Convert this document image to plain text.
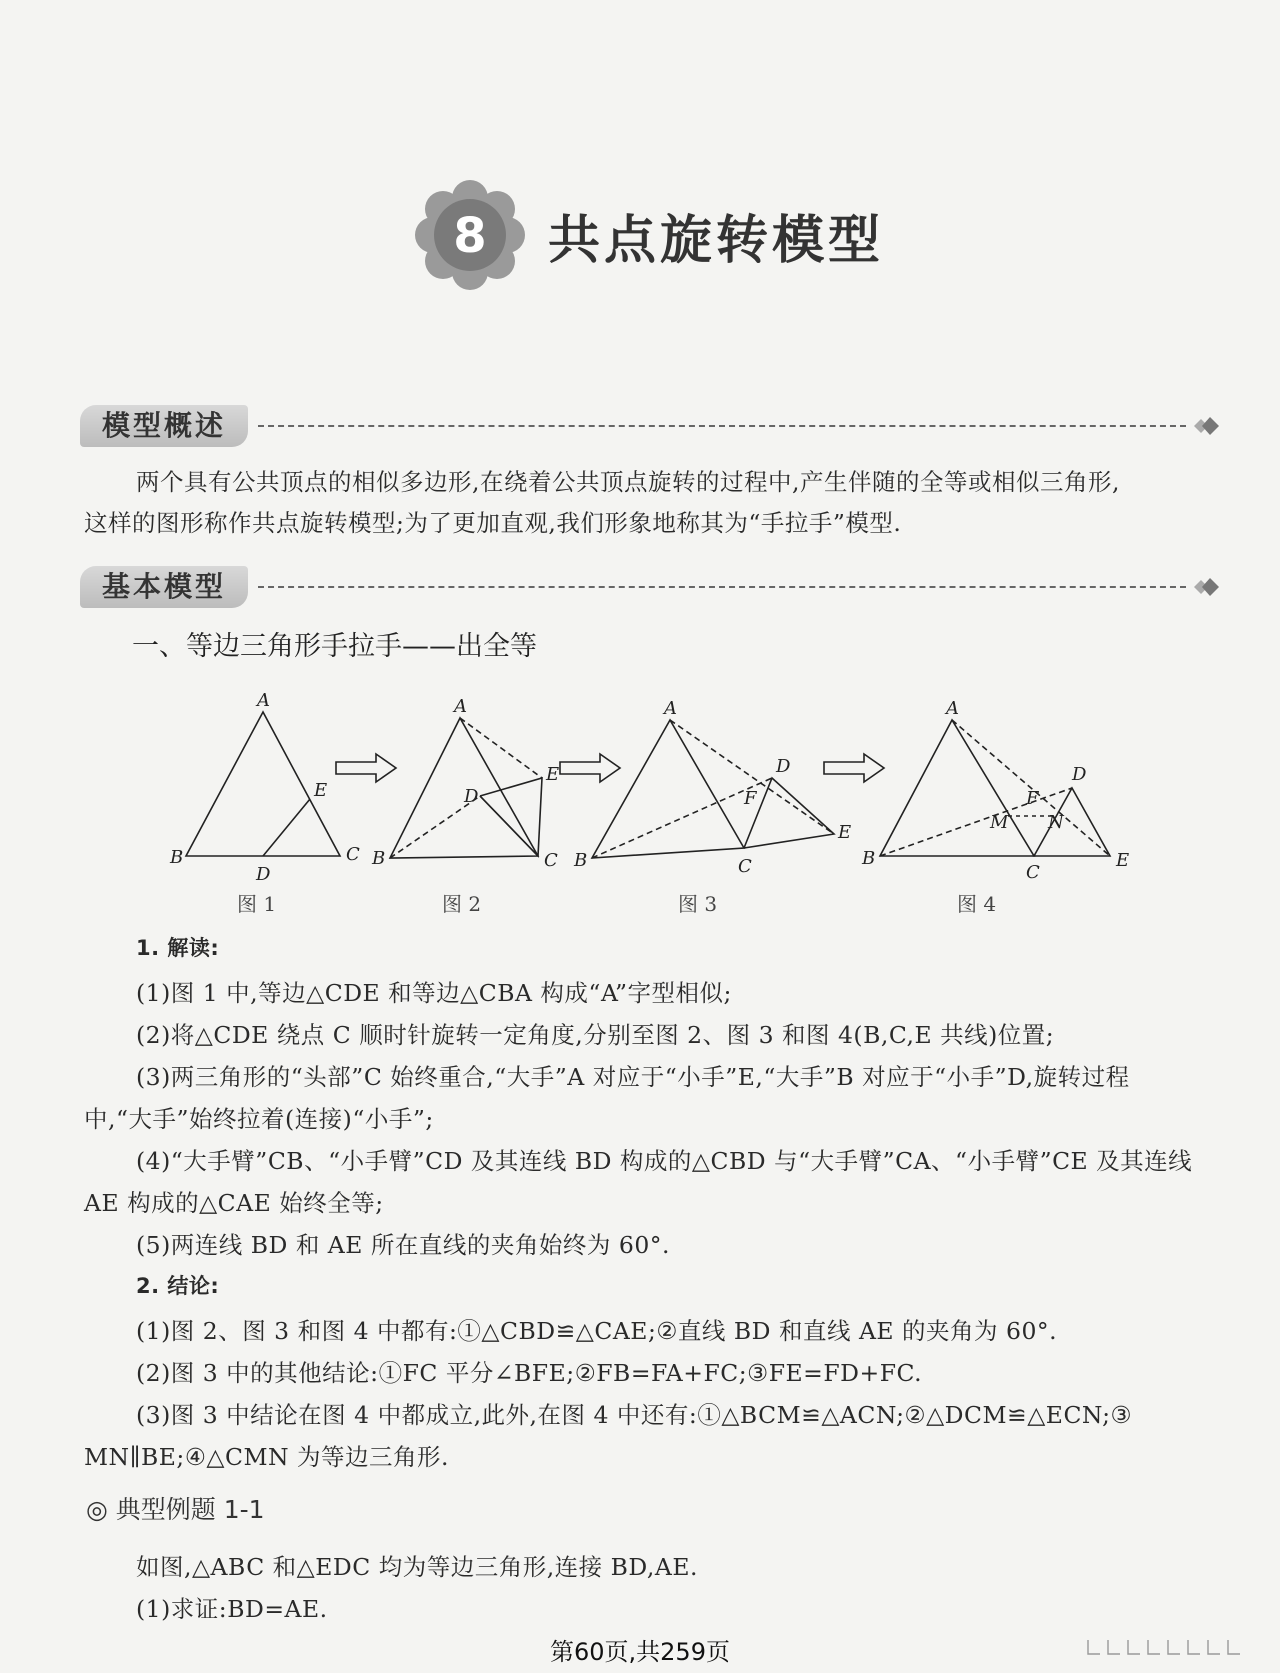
8 共点旋转模型
模型概述
两个具有公共顶点的相似多边形,在绕着公共顶点旋转的过程中,产生伴随的全等或相似三角形,
这样的图形称作共点旋转模型;为了更加直观,我们形象地称其为“手拉手”模型.
基本模型
一、等边三角形手拉手——出全等
A
B	C
D
E
A
B	C
D
E
A
B	C
D
E
F
A
B
C
D
E
F
M N
图 1	图 2	图 3	图 4
1. 解读:
(1)图 1 中,等边△CDE 和等边△CBA 构成“A”字型相似;
(2)将△CDE 绕点 C 顺时针旋转一定角度,分别至图 2、图 3 和图 4(B,C,E 共线)位置;
(3)两三角形的“头部”C 始终重合,“大手”A 对应于“小手”E,“大手”B 对应于“小手”D,旋转过程
中,“大手”始终拉着(连接)“小手”;
(4)“大手臂”CB、“小手臂”CD 及其连线 BD 构成的△CBD 与“大手臂”CA、“小手臂”CE 及其连线
AE 构成的△CAE 始终全等;
(5)两连线 BD 和 AE 所在直线的夹角始终为 60°.
2. 结论:
(1)图 2、图 3 和图 4 中都有:①△CBD≌△CAE;②直线 BD 和直线 AE 的夹角为 60°.
(2)图 3 中的其他结论:①FC 平分∠BFE;②FB=FA+FC;③FE=FD+FC.
(3)图 3 中结论在图 4 中都成立,此外,在图 4 中还有:①△BCM≌△ACN;②△DCM≌△ECN;③
MN∥BE;④△CMN 为等边三角形.
◎ 典型例题 1-1
如图,△ABC 和△EDC 均为等边三角形,连接 BD,AE.
(1)求证:BD=AE.
第60页,共259页
